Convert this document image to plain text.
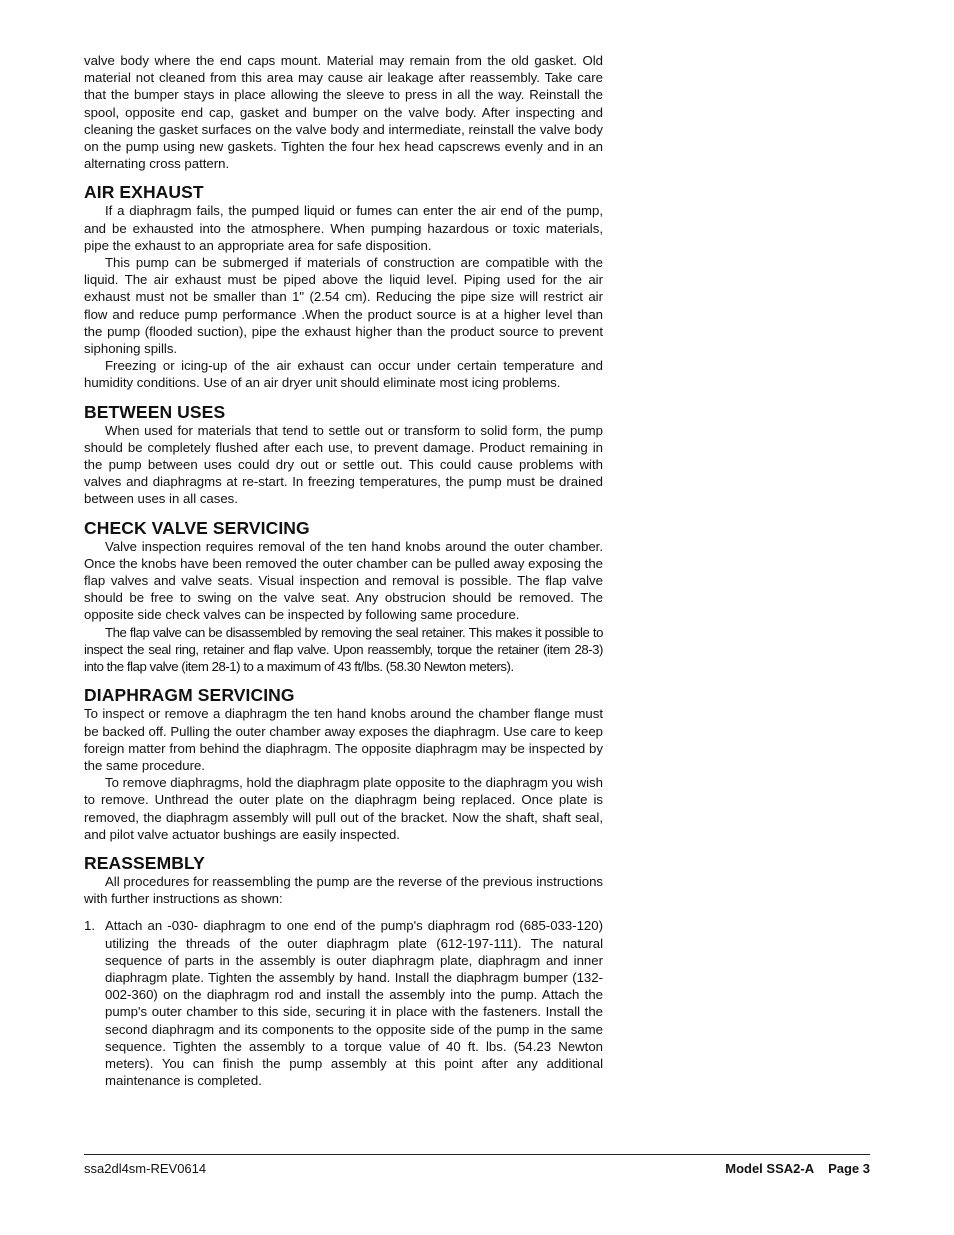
valve body where the end caps mount. Material may remain from the old gasket. Old material not cleaned from this area may cause air leakage after reassembly. Take care that the bumper stays in place allowing the sleeve to press in all the way. Reinstall the spool, opposite end cap, gasket and bumper on the valve body. After inspecting and cleaning the gasket surfaces on the valve body and intermediate, reinstall the valve body on the pump using new gaskets. Tighten the four hex head capscrews evenly and in an alternating cross pattern.

AIR EXHAUST

If a diaphragm fails, the pumped liquid or fumes can enter the air end of the pump, and be exhausted into the atmosphere. When pumping hazardous or toxic materials, pipe the exhaust to an appropriate area for safe disposition.

This pump can be submerged if materials of construction are compatible with the liquid. The air exhaust must be piped above the liquid level. Piping used for the air exhaust must not be smaller than 1" (2.54 cm). Reducing the pipe size will restrict air flow and reduce pump performance .When the product source is at a higher level than the pump (flooded suction), pipe the exhaust higher than the product source to prevent siphoning spills.

Freezing or icing-up of the air exhaust can occur under certain temperature and humidity conditions. Use of an air dryer unit should eliminate most icing problems.

BETWEEN USES

When used for materials that tend to settle out or transform to solid form, the pump should be completely flushed after each use, to prevent damage. Product remaining in the pump between uses could dry out or settle out. This could cause problems with valves and diaphragms at re-start. In freezing temperatures, the pump must be drained between uses in all cases.

CHECK VALVE SERVICING

Valve inspection requires removal of the ten hand knobs around the outer chamber. Once the knobs have been removed the outer chamber can be pulled away exposing the flap valves and valve seats. Visual inspection and removal is possible. The flap valve should be free to swing on the valve seat. Any obstrucion should be removed. The opposite side check valves can be inspected by following same procedure.

The flap valve can be disassembled by removing the seal retainer. This makes it possible to inspect the seal ring, retainer and flap valve. Upon reassembly, torque the retainer (item 28-3) into the flap valve (item 28-1) to a maximum of 43 ft/lbs. (58.30 Newton meters).

DIAPHRAGM SERVICING

To inspect or remove a diaphragm the ten hand knobs around the chamber flange must be backed off. Pulling the outer chamber away exposes the diaphragm. Use care to keep foreign matter from behind the diaphragm. The opposite diaphragm may be inspected by the same procedure.

To remove diaphragms, hold the diaphragm plate opposite to the diaphragm you wish to remove. Unthread the outer plate on the diaphragm being replaced. Once plate is removed, the diaphragm assembly will pull out of the bracket. Now the shaft, shaft seal, and pilot valve actuator bushings are easily inspected.

REASSEMBLY

All procedures for reassembling the pump are the reverse of the previous instructions with further instructions as shown:

1. Attach an -030- diaphragm to one end of the pump's diaphragm rod (685-033-120) utilizing the threads of the outer diaphragm plate (612-197-111). The natural sequence of parts in the assembly is outer diaphragm plate, diaphragm and inner diaphragm plate. Tighten the assembly by hand. Install the diaphragm bumper (132-002-360) on the diaphragm rod and install the assembly into the pump. Attach the pump's outer chamber to this side, securing it in place with the fasteners. Install the second diaphragm and its components to the opposite side of the pump in the same sequence. Tighten the assembly to a torque value of 40 ft. lbs. (54.23 Newton meters). You can finish the pump assembly at this point after any additional maintenance is completed.

ssa2dl4sm-REV0614	Model SSA2-A Page 3
